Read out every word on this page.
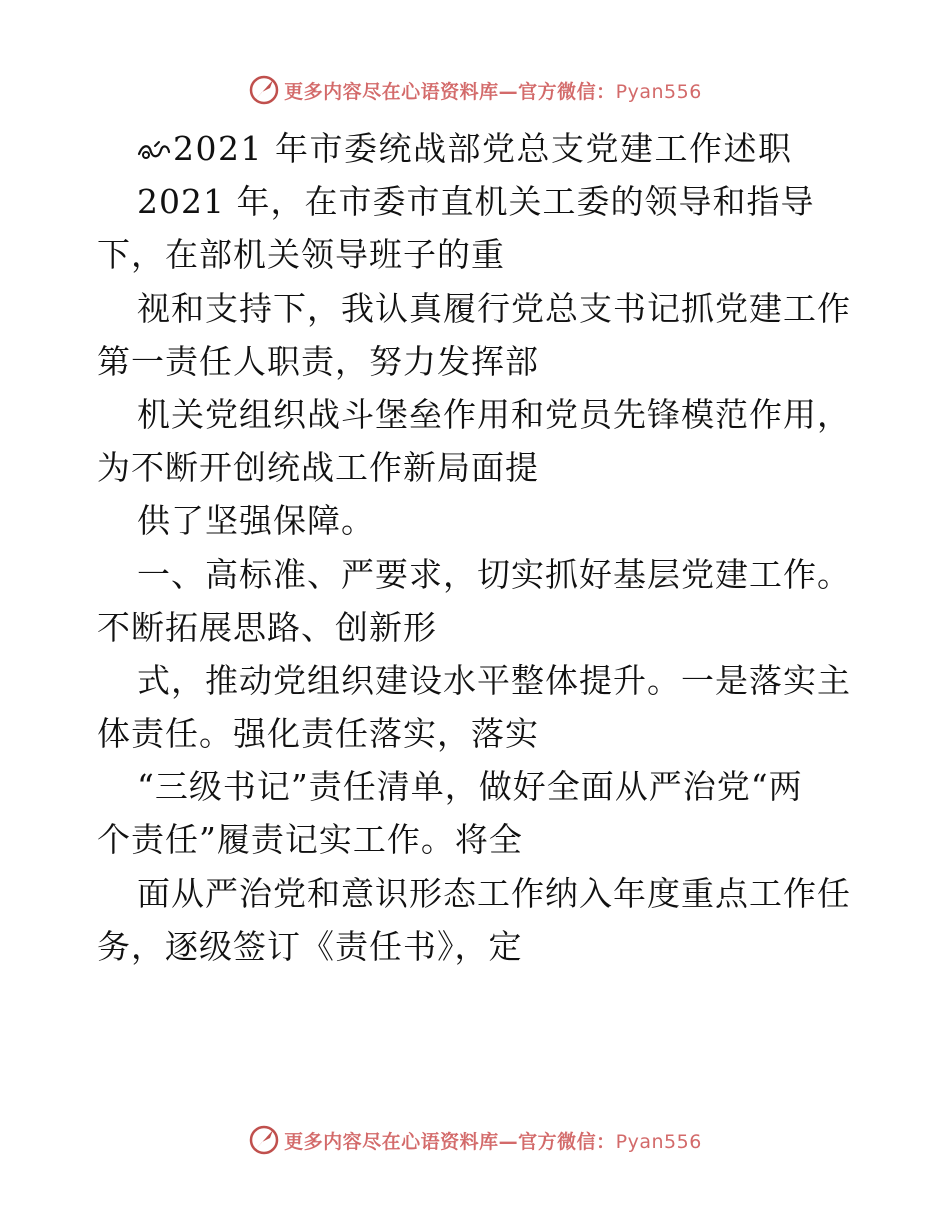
更多内容尽在心语资料库—官方微信：Pyan556
2021 年市委统战部党总支党建工作述职
2021 年，在市委市直机关工委的领导和指导
下，在部机关领导班子的重
视和支持下，我认真履行党总支书记抓党建工作
第一责任人职责，努力发挥部
机关党组织战斗堡垒作用和党员先锋模范作用，
为不断开创统战工作新局面提
供了坚强保障。
一、高标准、严要求，切实抓好基层党建工作。
不断拓展思路、创新形
式，推动党组织建设水平整体提升。一是落实主
体责任。强化责任落实，落实
“三级书记”责任清单，做好全面从严治党“两
个责任”履责记实工作。将全
面从严治党和意识形态工作纳入年度重点工作任
务，逐级签订《责任书》，定
更多内容尽在心语资料库—官方微信：Pyan556
